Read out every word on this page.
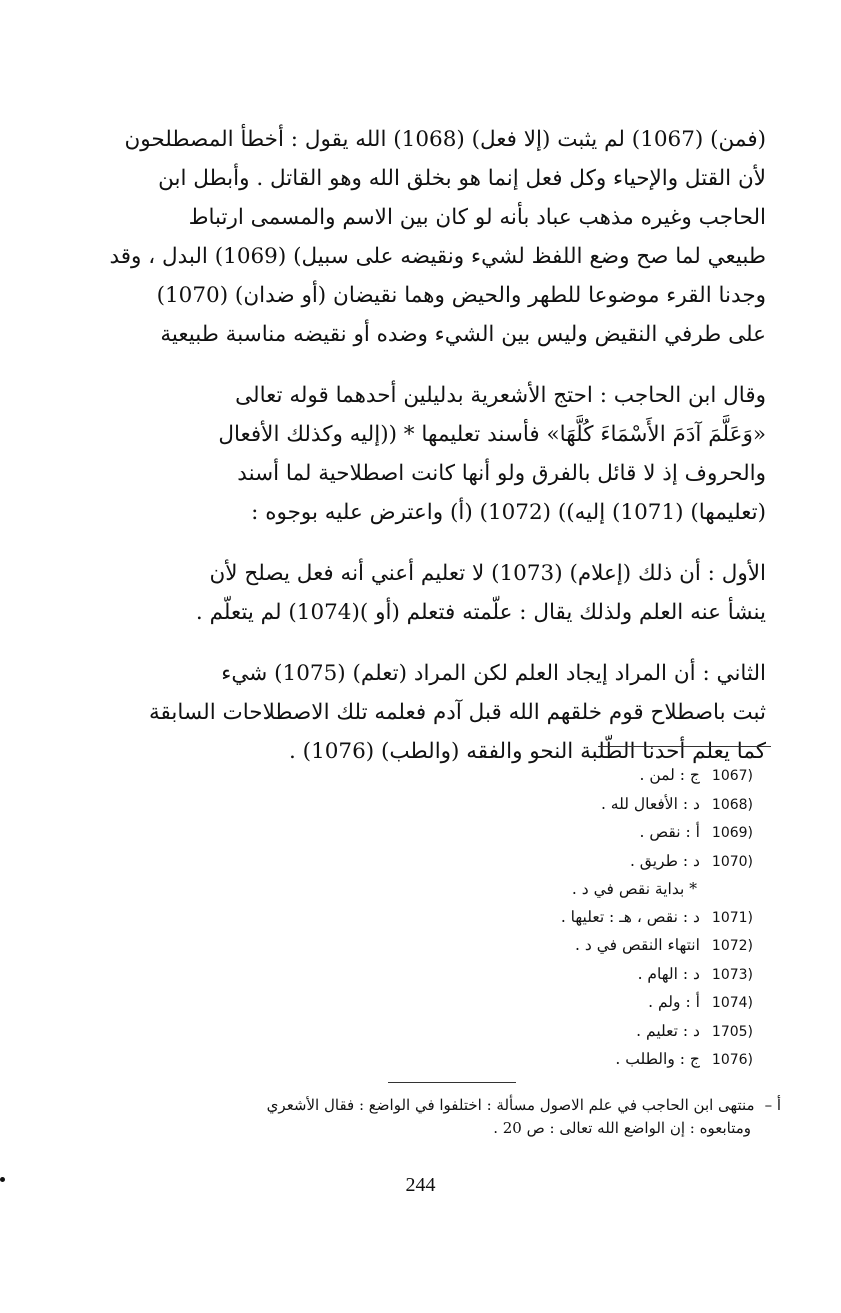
(فمن) (1067) لم يثبت (إلا فعل) (1068) الله يقول : أخطأ المصطلحون
لأن القتل والإحياء وكل فعل إنما هو بخلق الله وهو القاتل . وأبطل ابن
الحاجب وغيره مذهب عباد بأنه لو كان بين الاسم والمسمى ارتباط
طبيعي لما صح وضع اللفظ لشيء ونقيضه على سبيل) (1069) البدل ، وقد
وجدنا القرء موضوعا للطهر والحيض وهما نقيضان (أو ضدان) (1070)
على طرفي النقيض وليس بين الشيء وضده أو نقيضه مناسبة طبيعية

وقال ابن الحاجب : احتج الأشعرية بدليلين أحدهما قوله تعالى
«وَعَلَّمَ آدَمَ الأَسْمَاءَ كُلَّهَا» فأسند تعليمها * ((إليه وكذلك الأفعال
والحروف إذ لا قائل بالفرق ولو أنها كانت اصطلاحية لما أسند
(تعليمها) (1071) إليه)) (1072) (أ) واعترض عليه بوجوه :

الأول : أن ذلك (إعلام) (1073) لا تعليم أعني أنه فعل يصلح لأن
ينشأ عنه العلم ولذلك يقال : علّمته فتعلم (أو )(1074) لم يتعلّم .

الثاني : أن المراد إيجاد العلم لكن المراد (تعلم) (1075) شيء
ثبت باصطلاح قوم خلقهم الله قبل آدم فعلمه تلك الاصطلاحات السابقة
كما يعلم أحدنا الطّلبة النحو والفقه (والطب) (1076) .

1067)ج : لمن .
1068)د : الأفعال لله .
1069)أ : نقص .
1070)د : طريق .
* بداية نقص في د .
1071)د : نقص ، هـ : تعليها .
1072)انتهاء النقص في د .
1073)د : الهام .
1074)أ : ولم .
1705)د : تعليم .
1076)ج : والطلب .
أ –منتهى ابن الحاجب في علم الاصول مسألة : اختلفوا في الواضع : فقال الأشعري
ومتابعوه : إن الواضع الله تعالى : ص 20 .
244
